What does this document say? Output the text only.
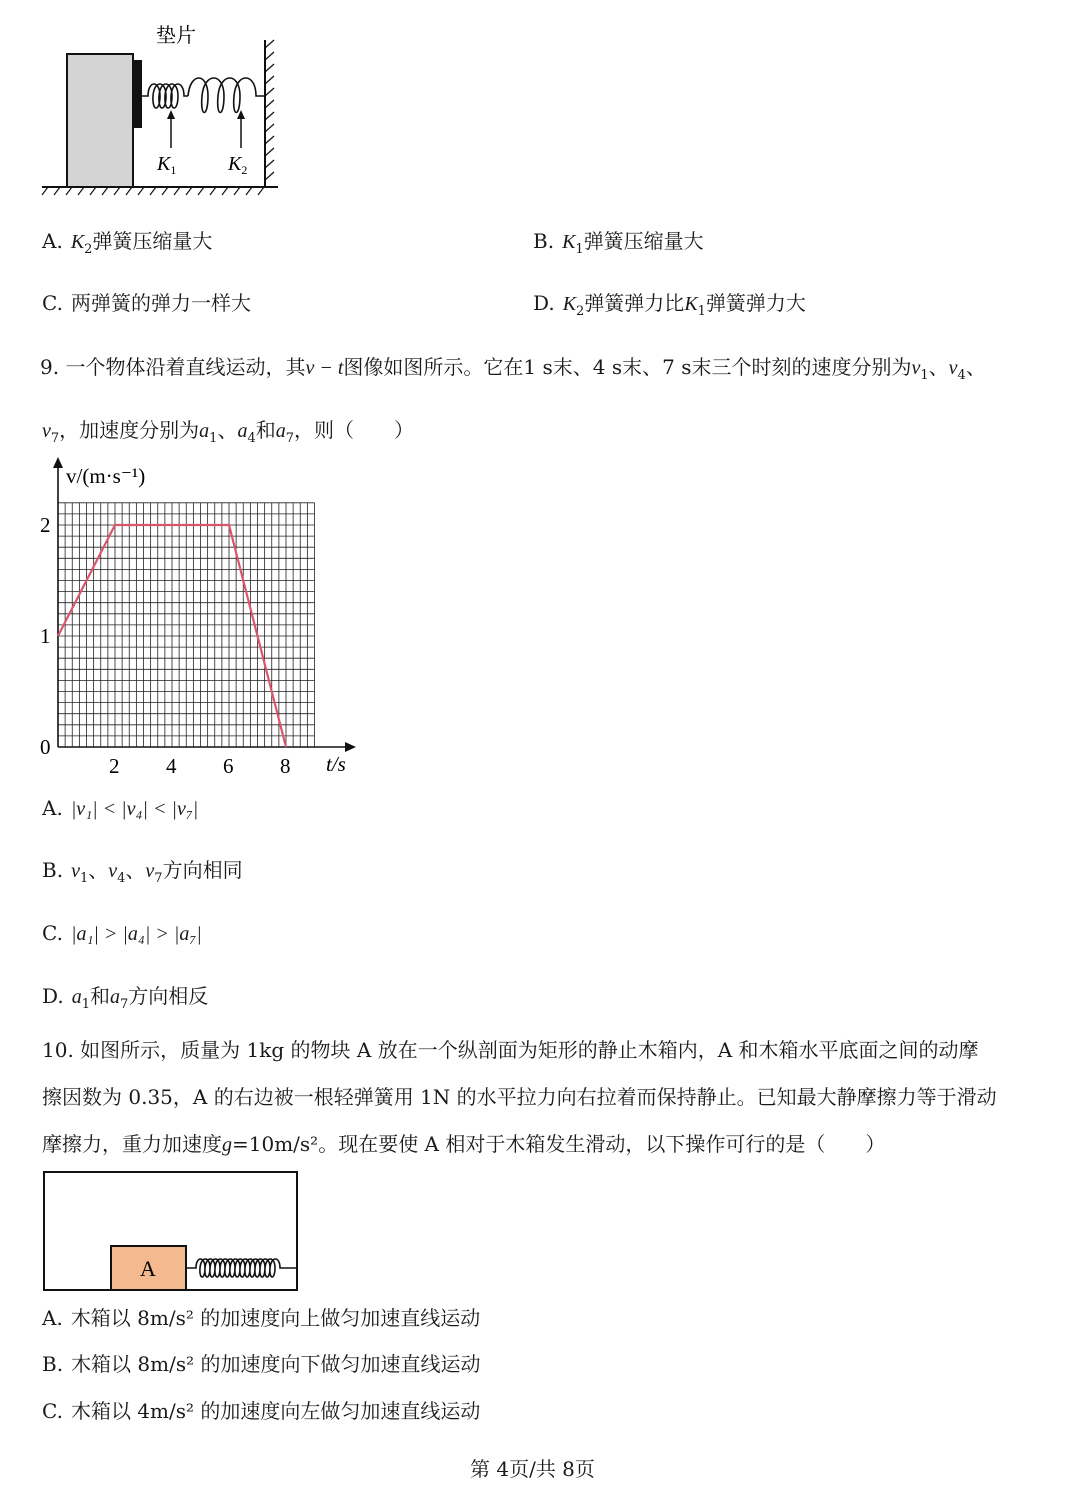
垫片
$K_1$	$K_2$
A. $K_2$弹簧压缩量大	B. $K_1$弹簧压缩量大
C. 两弹簧的弹力一样大	D. $K_2$弹簧弹力比$K_1$弹簧弹力大
9. 一个物体沿着直线运动，其v − t图像如图所示。它在1 s末、4 s末、7 s末三个时刻的速度分别为$v_1$、$v_4$、
$v_7$，加速度分别为$a_1$、$a_4$和$a_7$，则（　　）
2 4 6 8
0
1
2
v/(m·s⁻¹)
t/s
A. |v₁| < |v₄| < |v₇|
B. $v_1$、$v_4$、$v_7$方向相同
C. |a₁| > |a₄| > |a₇|
D. $a_1$和$a_7$方向相反
10. 如图所示，质量为 1kg 的物块 A 放在一个纵剖面为矩形的静止木箱内，A 和木箱水平底面之间的动摩
擦因数为 0.35，A 的右边被一根轻弹簧用 1N 的水平拉力向右拉着而保持静止。已知最大静摩擦力等于滑动
摩擦力，重力加速度g=10m/s²。现在要使 A 相对于木箱发生滑动，以下操作可行的是（　　）
A
A. 木箱以 8m/s² 的加速度向上做匀加速直线运动
B. 木箱以 8m/s² 的加速度向下做匀加速直线运动
C. 木箱以 4m/s² 的加速度向左做匀加速直线运动
第 4页/共 8页
